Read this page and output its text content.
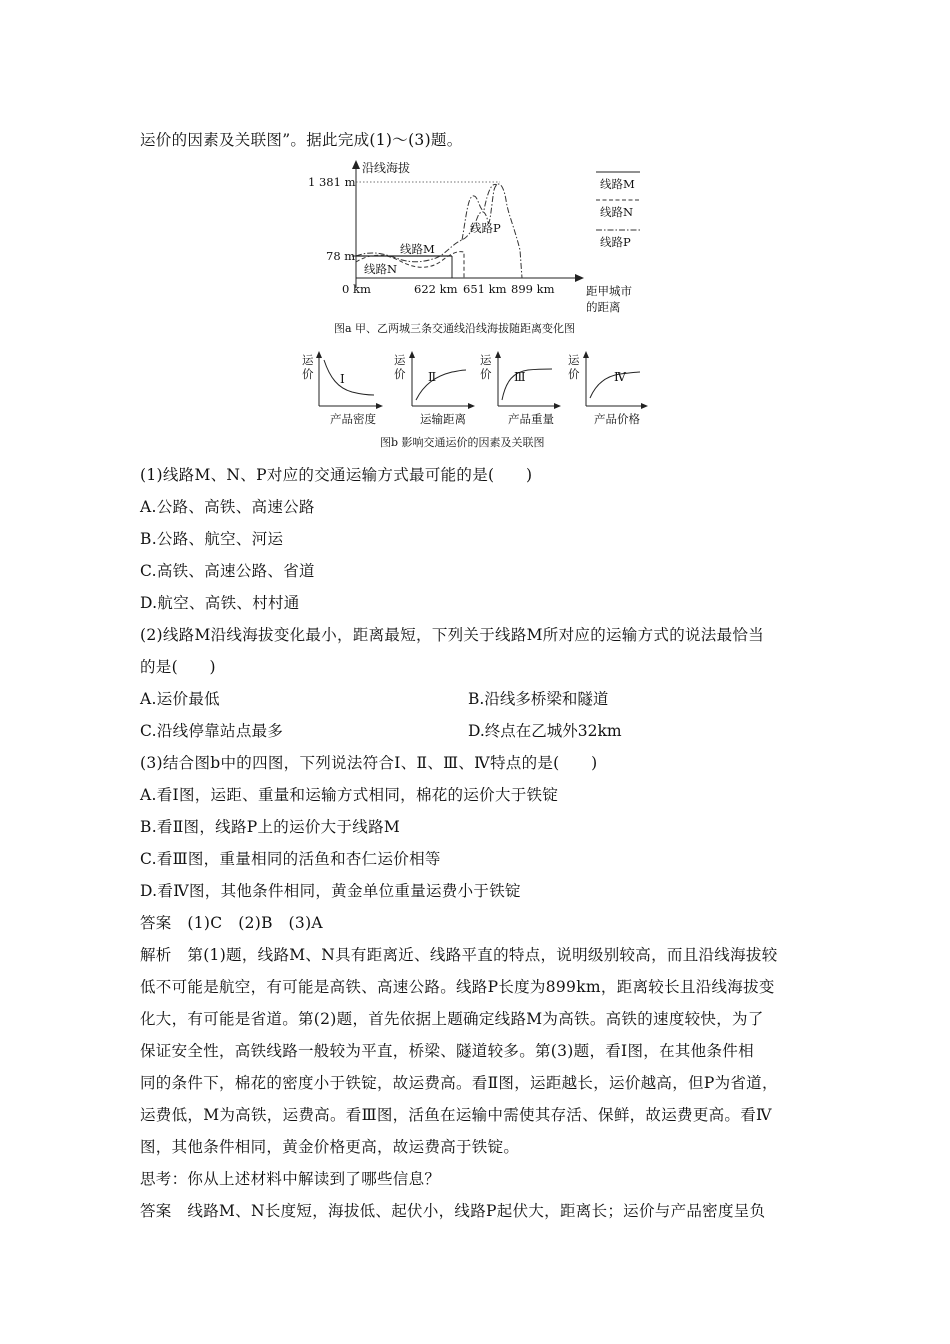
运价的因素及关联图”。据此完成(1)～(3)题。
沿线海拔
1 381 m
78 m
0 km	622 km 651 km 899 km	距甲城市
的距离
线路M
线路N
线路P
线路M
线路N
线路P
图a 甲、乙两城三条交通线沿线海拔随距离变化图
运
价 Ⅰ
产品密度
运
价 Ⅱ
运输距离
运
价 Ⅲ
产品重量
运
价	Ⅳ
产品价格
图b 影响交通运价的因素及关联图
(1)线路M、N、P对应的交通运输方式最可能的是(　　)
A.公路、高铁、高速公路
B.公路、航空、河运
C.高铁、高速公路、省道
D.航空、高铁、村村通
(2)线路M沿线海拔变化最小，距离最短，下列关于线路M所对应的运输方式的说法最恰当
的是(　　)
A.运价最低	B.沿线多桥梁和隧道
C.沿线停靠站点最多	D.终点在乙城外32km
(3)结合图b中的四图，下列说法符合Ⅰ、Ⅱ、Ⅲ、Ⅳ特点的是(　　)
A.看Ⅰ图，运距、重量和运输方式相同，棉花的运价大于铁锭
B.看Ⅱ图，线路P上的运价大于线路M
C.看Ⅲ图，重量相同的活鱼和杏仁运价相等
D.看Ⅳ图，其他条件相同，黄金单位重量运费小于铁锭
答案　(1)C　(2)B　(3)A
解析　第(1)题，线路M、N具有距离近、线路平直的特点，说明级别较高，而且沿线海拔较
低不可能是航空，有可能是高铁、高速公路。线路P长度为899km，距离较长且沿线海拔变
化大，有可能是省道。第(2)题，首先依据上题确定线路M为高铁。高铁的速度较快，为了
保证安全性，高铁线路一般较为平直，桥梁、隧道较多。第(3)题，看Ⅰ图，在其他条件相
同的条件下，棉花的密度小于铁锭，故运费高。看Ⅱ图，运距越长，运价越高，但P为省道，
运费低，M为高铁，运费高。看Ⅲ图，活鱼在运输中需使其存活、保鲜，故运费更高。看Ⅳ
图，其他条件相同，黄金价格更高，故运费高于铁锭。
思考：你从上述材料中解读到了哪些信息？
答案　线路M、N长度短，海拔低、起伏小，线路P起伏大，距离长；运价与产品密度呈负
